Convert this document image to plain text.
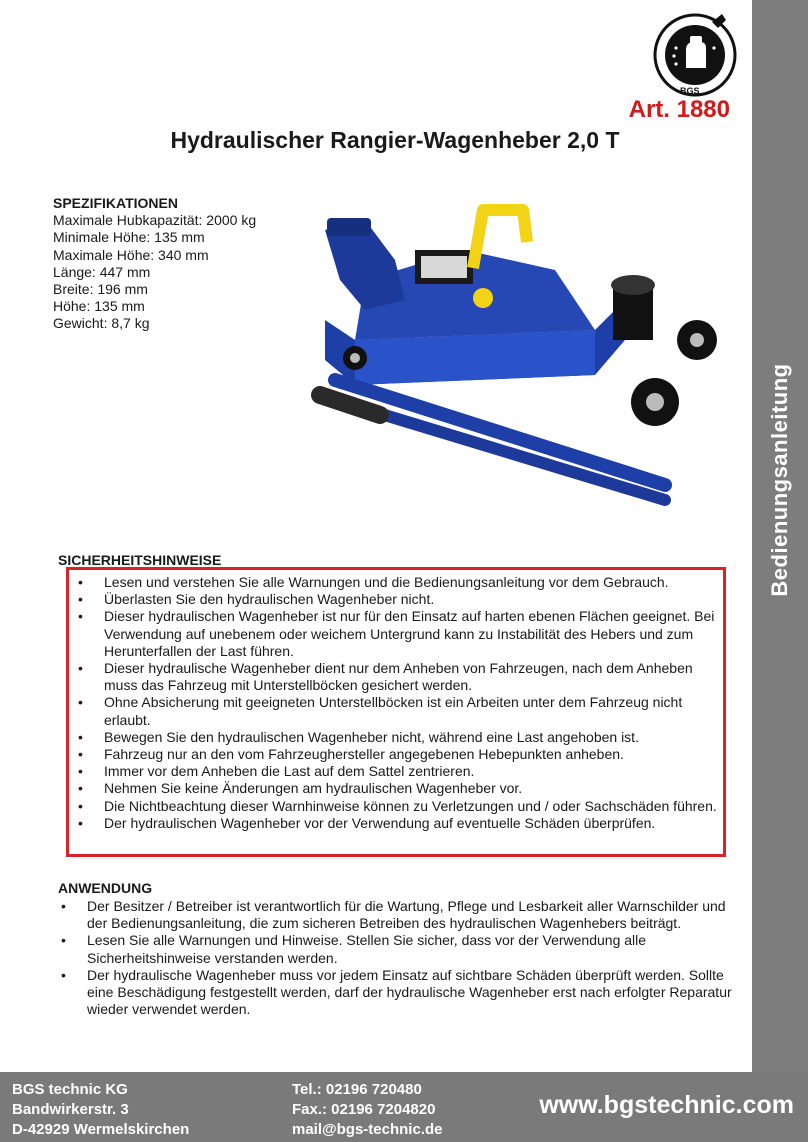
Bedienungsanleitung
BGS
Art. 1880
Hydraulischer Rangier-Wagenheber 2,0 T
SPEZIFIKATIONEN
Maximale Hubkapazität: 2000 kg
Minimale Höhe: 135 mm
Maximale Höhe: 340 mm
Länge: 447 mm
Breite: 196 mm
Höhe: 135 mm
Gewicht: 8,7 kg
SICHERHEITSHINWEISE
• Lesen und verstehen Sie alle Warnungen und die Bedienungsanleitung vor dem Gebrauch.
• Überlasten Sie den hydraulischen Wagenheber nicht.
• Dieser hydraulischen Wagenheber ist nur für den Einsatz auf harten ebenen Flächen geeignet. Bei Verwendung auf unebenem oder weichem Untergrund kann zu Instabilität des Hebers und zum Herunterfallen der Last führen.
• Dieser hydraulische Wagenheber dient nur dem Anheben von Fahrzeugen, nach dem Anheben muss das Fahrzeug mit Unterstellböcken gesichert werden.
• Ohne Absicherung mit geeigneten Unterstellböcken ist ein Arbeiten unter dem Fahrzeug nicht erlaubt.
• Bewegen Sie den hydraulischen Wagenheber nicht, während eine Last angehoben ist.
• Fahrzeug nur an den vom Fahrzeughersteller angegebenen Hebepunkten anheben.
• Immer vor dem Anheben die Last auf dem Sattel zentrieren.
• Nehmen Sie keine Änderungen am hydraulischen Wagenheber vor.
• Die Nichtbeachtung dieser Warnhinweise können zu Verletzungen und / oder Sachschäden führen.
• Der hydraulischen Wagenheber vor der Verwendung auf eventuelle Schäden überprüfen.
ANWENDUNG
• Der Besitzer / Betreiber ist verantwortlich für die Wartung, Pflege und Lesbarkeit aller Warnschilder und der Bedienungsanleitung, die zum sicheren Betreiben des hydraulischen Wagenhebers beiträgt.
• Lesen Sie alle Warnungen und Hinweise. Stellen Sie sicher, dass vor der Verwendung alle Sicherheitshinweise verstanden werden.
• Der hydraulische Wagenheber muss vor jedem Einsatz auf sichtbare Schäden überprüft werden. Sollte eine Beschädigung festgestellt werden, darf der hydraulische Wagenheber erst nach erfolgter Reparatur wieder verwendet werden.
BGS technic KG
Bandwirkerstr. 3
D-42929 Wermelskirchen
Tel.: 02196 720480
Fax.: 02196 7204820
mail@bgs-technic.de
www.bgstechnic.com
